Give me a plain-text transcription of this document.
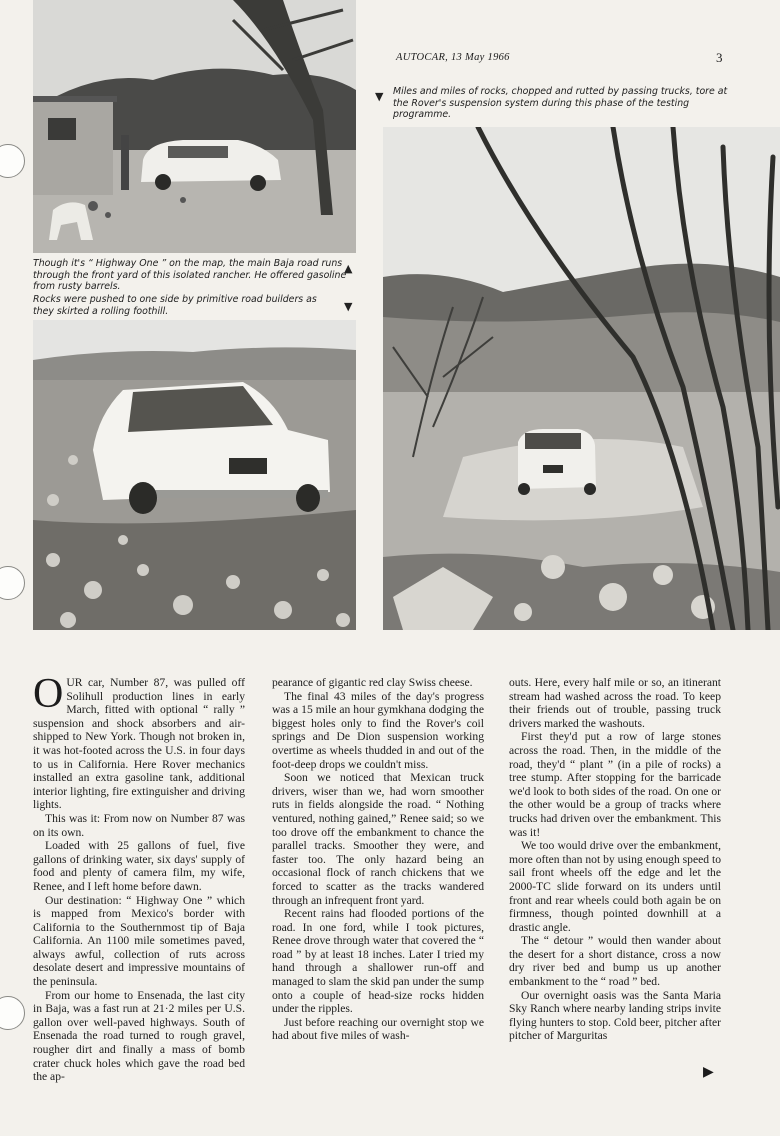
Though it's “ Highway One ” on the map, the main Baja road runs through the front yard of this isolated rancher. He offered gasoline from rusty barrels.
▲
Rocks were pushed to one side by primitive road builders as they skirted a rolling foothill.	▼
AUTOCAR, 13 May 1966	3
▼ Miles and miles of rocks, chopped and rutted by passing trucks, tore at the Rover's suspension system during this phase of the testing programme.

OUR car, Number 87, was pulled off Solihull production lines in early March, fitted with optional “ rally ” suspension and shock absorbers and air-shipped to New York. Though not broken in, it was hot-footed across the U.S. in four days to us in California. Here Rover mechanics installed an extra gasoline tank, additional interior lighting, fire extinguisher and driving lights.

This was it: From now on Number 87 was on its own.

Loaded with 25 gallons of fuel, five gallons of drinking water, six days' supply of food and plenty of camera film, my wife, Renee, and I left home before dawn.

Our destination: “ Highway One ” which is mapped from Mexico's border with California to the Southernmost tip of Baja California. An 1100 mile sometimes paved, always awful, collection of ruts across desolate desert and impressive mountains of the peninsula.

From our home to Ensenada, the last city in Baja, was a fast run at 21·2 miles per U.S. gallon over well-paved highways. South of Ensenada the road turned to rough gravel, rougher dirt and finally a mass of bomb crater chuck holes which gave the road bed the ap-

pearance of gigantic red clay Swiss cheese.

The final 43 miles of the day's progress was a 15 mile an hour gymkhana dodging the biggest holes only to find the Rover's coil springs and De Dion suspension working overtime as wheels thudded in and out of the foot-deep drops we couldn't miss.

Soon we noticed that Mexican truck drivers, wiser than we, had worn smoother ruts in fields alongside the road. “ Nothing ventured, nothing gained,” Renee said; so we too drove off the embankment to chance the parallel tracks. Smoother they were, and faster too. The only hazard being an occasional flock of ranch chickens that we forced to scatter as the tracks wandered through an infrequent front yard.

Recent rains had flooded portions of the road. In one ford, while I took pictures, Renee drove through water that covered the “ road ” by at least 18 inches. Later I tried my hand through a shallower run-off and managed to slam the skid pan under the sump onto a couple of head-size rocks hidden under the ripples.

Just before reaching our overnight stop we had about five miles of wash-

outs. Here, every half mile or so, an itinerant stream had washed across the road. To keep their friends out of trouble, passing truck drivers marked the washouts.

First they'd put a row of large stones across the road. Then, in the middle of the road, they'd “ plant ” (in a pile of rocks) a tree stump. After stopping for the barricade we'd look to both sides of the road. On one or the other would be a group of tracks where trucks had driven over the embankment. This was it!

We too would drive over the embankment, more often than not by using enough speed to sail front wheels off the edge and let the 2000-TC slide forward on its unders until front and rear wheels could both again be on firmness, though pointed downhill at a drastic angle.

The “ detour ” would then wander about the desert for a short distance, cross a now dry river bed and bump us up another embankment to the “ road ” bed.

Our overnight oasis was the Santa Maria Sky Ranch where nearby landing strips invite flying hunters to stop. Cold beer, pitcher after pitcher of Marguritas

▶
